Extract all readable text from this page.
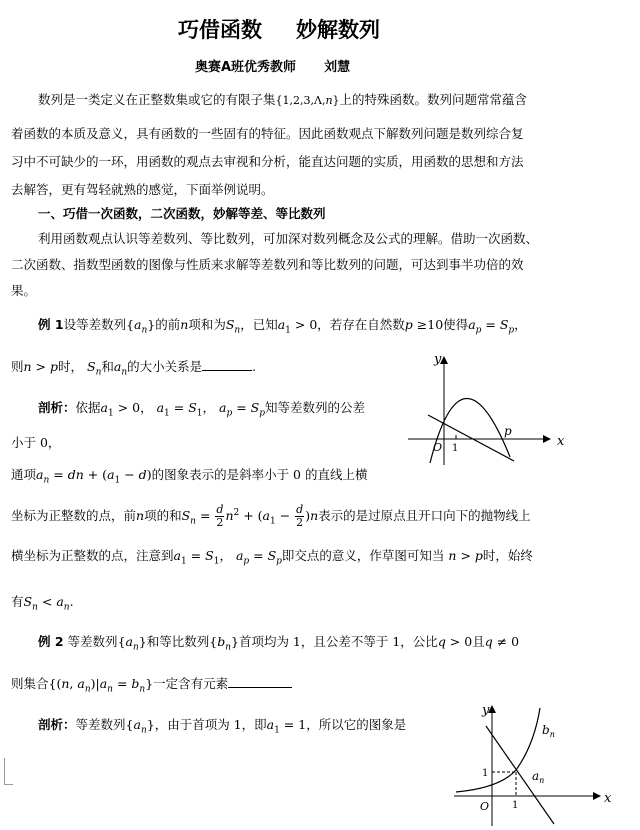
巧借函数 妙解数列
奥赛A班优秀教师 刘慧
数列是一类定义在正整数集或它的有限子集{1,2,3,Λ,n}上的特殊函数。数列问题常常蕴含
着函数的本质及意义，具有函数的一些固有的特征。因此函数观点下解数列问题是数列综合复
习中不可缺少的一环，用函数的观点去审视和分析，能直达问题的实质，用函数的思想和方法
去解答，更有驾轻就熟的感觉，下面举例说明。
一、巧借一次函数，二次函数，妙解等差、等比数列
利用函数观点认识等差数列、等比数列，可加深对数列概念及公式的理解。借助一次函数、
二次函数、指数型函数的图像与性质来求解等差数列和等比数列的问题，可达到事半功倍的效
果。
例 1设等差数列$\{a_n\}$的前n项和为$S_n$，已知$a_1 > 0$，若存在自然数p ≥10使得$a_p = S_p$，
则n > p时， $S_n$和$a_n$的大小关系是	.
剖析：依据$a_1 > 0$， $a_1 = S_1$， $a_p = S_p$知等差数列的公差
小于 0，
通项$a_n$ = dn + $(a_1 - d)$的图象表示的是斜率小于 0 的直线上横
坐标为正整数的点，前n项的和$S_n = \frac{d}{2} n^2 + (a_1 - \frac{d}{2} )n$表示的是过原点且开口向下的抛物线上
横坐标为正整数的点，注意到$a_1 = S_1$， $a_p = S_p$即交点的意义，作草图可知当 n > p时，始终
有$S_n < a_n$.
例 2 等差数列$\{a_n\}$和等比数列$\{b_n\}$首项均为 1，且公差不等于 1，公比q > 0且q ≠ 0
则集合{(n, $a_n)|a_n = b_n$}一定含有元素
剖析：等差数列$\{a_n\}$，由于首项为 1，即$a_1 = 1$，所以它的图象是
y
x
O 1
p
y
x
O 1
1
$b_n$
$a_n$
